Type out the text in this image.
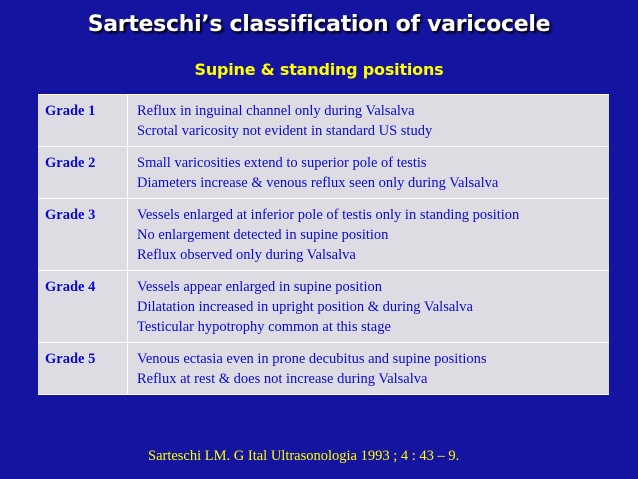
Sarteschi’s classification of varicocele
Supine & standing positions
Grade 1	Reflux in inguinal channel only during Valsalva
Scrotal varicosity not evident in standard US study

Grade 2	Small varicosities extend to superior pole of testis
Diameters increase & venous reflux seen only during Valsalva

Grade 3	Vessels enlarged at inferior pole of testis only in standing position
No enlargement detected in supine position
Reflux observed only during Valsalva

Grade 4	Vessels appear enlarged in supine position
Dilatation increased in upright position & during Valsalva
Testicular hypotrophy common at this stage

Grade 5	Venous ectasia even in prone decubitus and supine positions
Reflux at rest & does not increase during Valsalva
Sarteschi LM. G Ital Ultrasonologia 1993 ; 4 : 43 – 9.
